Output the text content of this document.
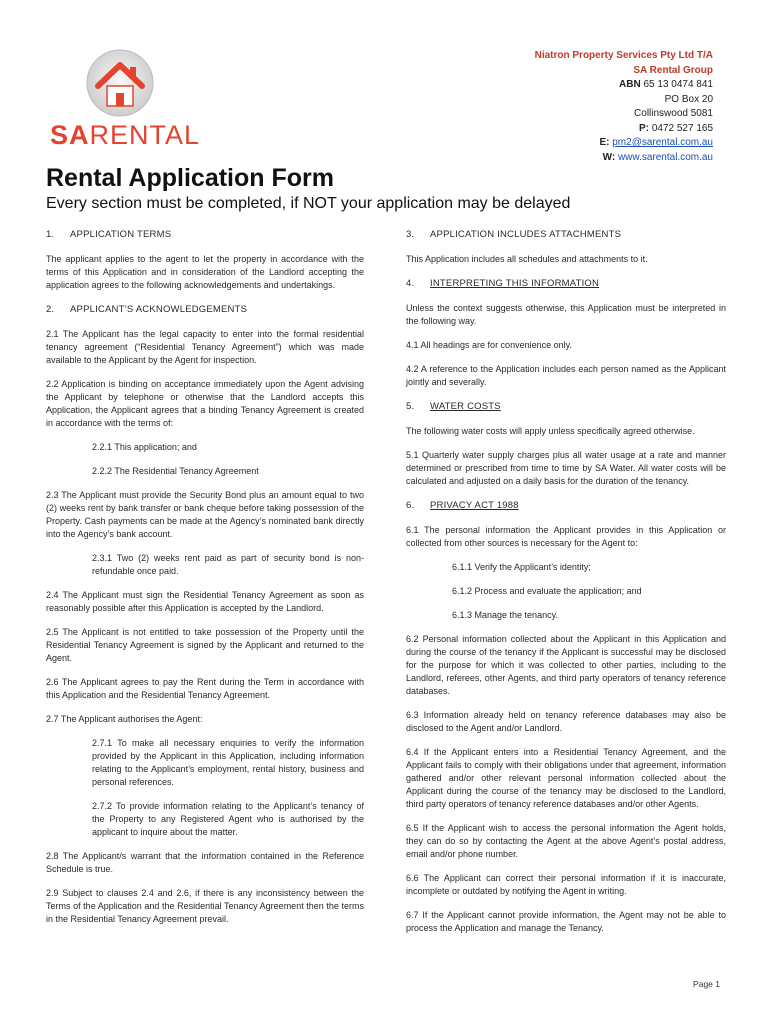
SARENTAL
Niatron Property Services Pty Ltd T/A
SA Rental Group
ABN 65 13 0474 841
PO Box 20
Collinswood 5081
P: 0472 527 165
E: pm2@sarental.com.au
W: www.sarental.com.au
Rental Application Form
Every section must be completed, if NOT your application may be delayed
1.	APPLICATION TERMS

The applicant applies to the agent to let the property in accordance with the terms of this Application and in consideration of the Landlord accepting the application agrees to the following acknowledgements and undertakings.

2.	APPLICANT’S ACKNOWLEDGEMENTS

2.1 The Applicant has the legal capacity to enter into the formal residential tenancy agreement (“Residential Tenancy Agreement”) which was made available to the Applicant by the Agent for inspection.

2.2 Application is binding on acceptance immediately upon the Agent advising the Applicant by telephone or otherwise that the Landlord accepts this Application, the Applicant agrees that a binding Tenancy Agreement is created in accordance with the terms of:

2.2.1 This application; and

2.2.2 The Residential Tenancy Agreement

2.3 The Applicant must provide the Security Bond plus an amount equal to two (2) weeks rent by bank transfer or bank cheque before taking possession of the Property. Cash payments can be made at the Agency’s nominated bank directly into the Agency’s bank account.

2.3.1 Two (2) weeks rent paid as part of security bond is non-refundable once paid.

2.4 The Applicant must sign the Residential Tenancy Agreement as soon as reasonably possible after this Application is accepted by the Landlord.

2.5 The Applicant is not entitled to take possession of the Property until the Residential Tenancy Agreement is signed by the Applicant and returned to the Agent.

2.6 The Applicant agrees to pay the Rent during the Term in accordance with this Application and the Residential Tenancy Agreement.

2.7 The Applicant authorises the Agent:

2.7.1 To make all necessary enquiries to verify the information provided by the Applicant in this Application, including information relating to the Applicant’s employment, rental history, business and personal references.

2.7.2 To provide information relating to the Applicant’s tenancy of the Property to any Registered Agent who is authorised by the applicant to inquire about the matter.

2.8 The Applicant/s warrant that the information contained in the Reference Schedule is true.

2.9 Subject to clauses 2.4 and 2.6, if there is any inconsistency between the Terms of the Application and the Residential Tenancy Agreement then the terms in the Residential Tenancy Agreement prevail.

3.	APPLICATION INCLUDES ATTACHMENTS

This Application includes all schedules and attachments to it.

4.	INTERPRETING THIS INFORMATION

Unless the context suggests otherwise, this Application must be interpreted in the following way.

4.1 All headings are for convenience only.

4.2 A reference to the Application includes each person named as the Applicant jointly and severally.

5.	WATER COSTS

The following water costs will apply unless specifically agreed otherwise.

5.1 Quarterly water supply charges plus all water usage at a rate and manner determined or prescribed from time to time by SA Water. All water costs will be calculated and adjusted on a daily basis for the duration of the tenancy.

6.	PRIVACY ACT 1988

6.1 The personal information the Applicant provides in this Application or collected from other sources is necessary for the Agent to:

6.1.1 Verify the Applicant’s identity;

6.1.2 Process and evaluate the application; and

6.1.3 Manage the tenancy.

6.2 Personal information collected about the Applicant in this Application and during the course of the tenancy if the Applicant is successful may be disclosed for the purpose for which it was collected to other parties, including to the Landlord, referees, other Agents, and third party operators of tenancy reference databases.

6.3 Information already held on tenancy reference databases may also be disclosed to the Agent and/or Landlord.

6.4 If the Applicant enters into a Residential Tenancy Agreement, and the Applicant fails to comply with their obligations under that agreement, information gathered and/or other relevant personal information collected about the Applicant during the course of the tenancy may be disclosed to the Landlord, third party operators of tenancy reference databases and/or other Agents.

6.5 If the Applicant wish to access the personal information the Agent holds, they can do so by contacting the Agent at the above Agent’s postal address, email and/or phone number.

6.6 The Applicant can correct their personal information if it is inaccurate, incomplete or outdated by notifying the Agent in writing.

6.7 If the Applicant cannot provide information, the Agent may not be able to process the Application and manage the Tenancy.

Page 1
